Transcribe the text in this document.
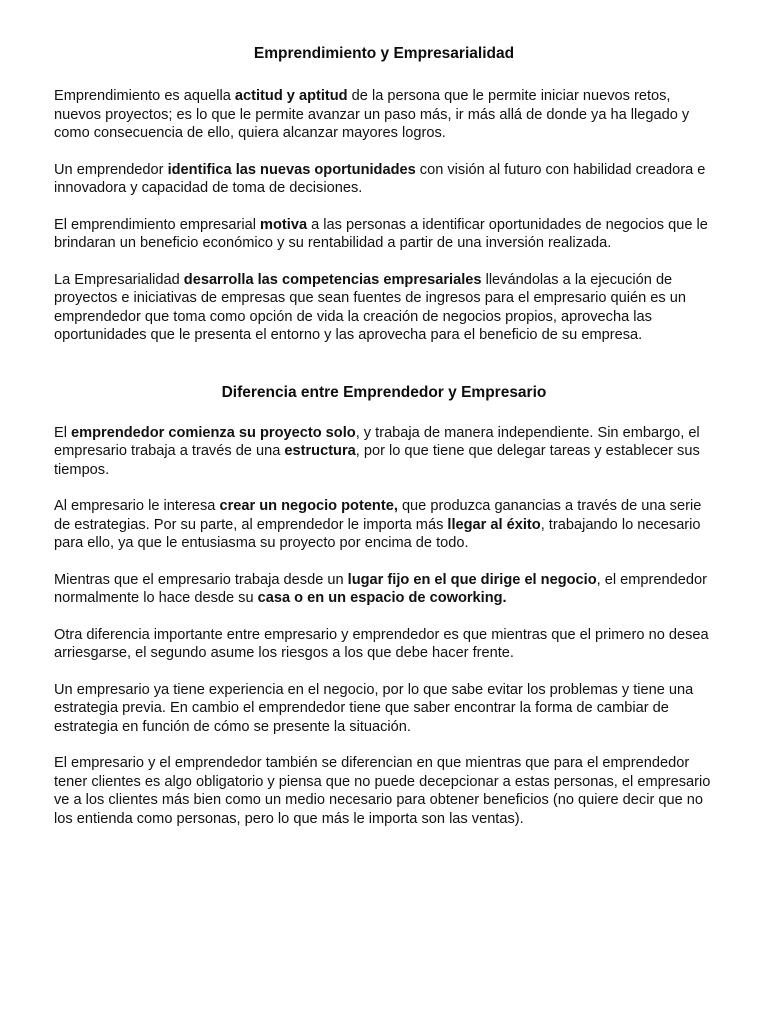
Emprendimiento y Empresarialidad

Emprendimiento es aquella actitud y aptitud de la persona que le permite iniciar nuevos retos, nuevos proyectos; es lo que le permite avanzar un paso más, ir más allá de donde ya ha llegado y como consecuencia de ello, quiera alcanzar mayores logros.

Un emprendedor identifica las nuevas oportunidades con visión al futuro con habilidad creadora e innovadora y capacidad de toma de decisiones.

El emprendimiento empresarial motiva a las personas a identificar oportunidades de negocios que le brindaran un beneficio económico y su rentabilidad a partir de una inversión realizada.

La Empresarialidad desarrolla las competencias empresariales llevándolas a la ejecución de proyectos e iniciativas de empresas que sean fuentes de ingresos para el empresario quién es un emprendedor que toma como opción de vida la creación de negocios propios, aprovecha las oportunidades que le presenta el entorno y las aprovecha para el beneficio de su empresa.

Diferencia entre Emprendedor y Empresario

El emprendedor comienza su proyecto solo, y trabaja de manera independiente. Sin embargo, el empresario trabaja a través de una estructura, por lo que tiene que delegar tareas y establecer sus tiempos.

Al empresario le interesa crear un negocio potente, que produzca ganancias a través de una serie de estrategias. Por su parte, al emprendedor le importa más llegar al éxito, trabajando lo necesario para ello, ya que le entusiasma su proyecto por encima de todo.

Mientras que el empresario trabaja desde un lugar fijo en el que dirige el negocio, el emprendedor normalmente lo hace desde su casa o en un espacio de coworking.

Otra diferencia importante entre empresario y emprendedor es que mientras que el primero no desea arriesgarse, el segundo asume los riesgos a los que debe hacer frente.

Un empresario ya tiene experiencia en el negocio, por lo que sabe evitar los problemas y tiene una estrategia previa. En cambio el emprendedor tiene que saber encontrar la forma de cambiar de estrategia en función de cómo se presente la situación.

El empresario y el emprendedor también se diferencian en que mientras que para el emprendedor tener clientes es algo obligatorio y piensa que no puede decepcionar a estas personas, el empresario ve a los clientes más bien como un medio necesario para obtener beneficios (no quiere decir que no los entienda como personas, pero lo que más le importa son las ventas).
